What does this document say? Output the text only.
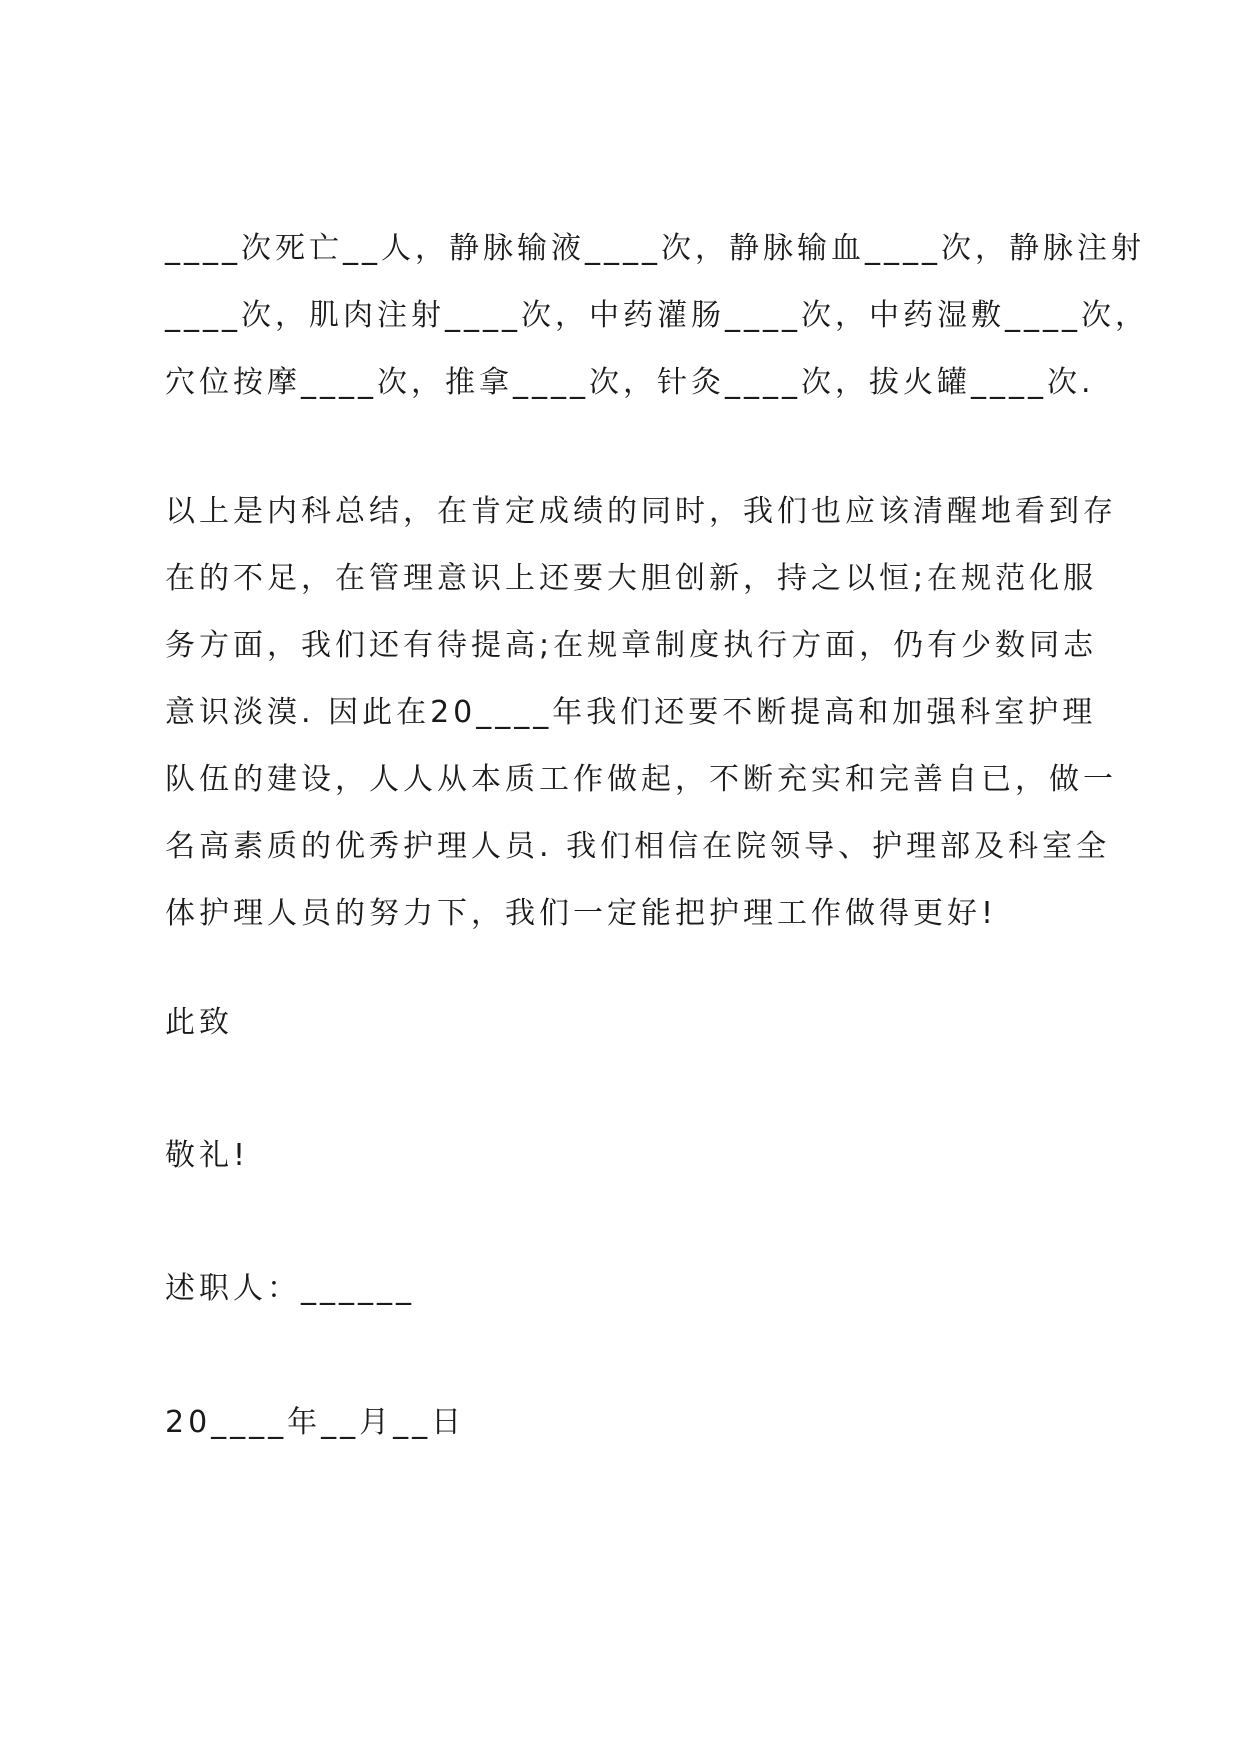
____次死亡__人，静脉输液____次，静脉输血____次，静脉注射
____次，肌肉注射____次，中药灌肠____次，中药湿敷____次，
穴位按摩____次，推拿____次，针灸____次，拔火罐____次.
以上是内科总结，在肯定成绩的同时，我们也应该清醒地看到存
在的不足，在管理意识上还要大胆创新，持之以恒;在规范化服
务方面，我们还有待提高;在规章制度执行方面，仍有少数同志
意识淡漠. 因此在20____年我们还要不断提高和加强科室护理
队伍的建设，人人从本质工作做起，不断充实和完善自已，做一
名高素质的优秀护理人员. 我们相信在院领导、护理部及科室全
体护理人员的努力下，我们一定能把护理工作做得更好!

此致

敬礼!

述职人：______

20____年__月__日
